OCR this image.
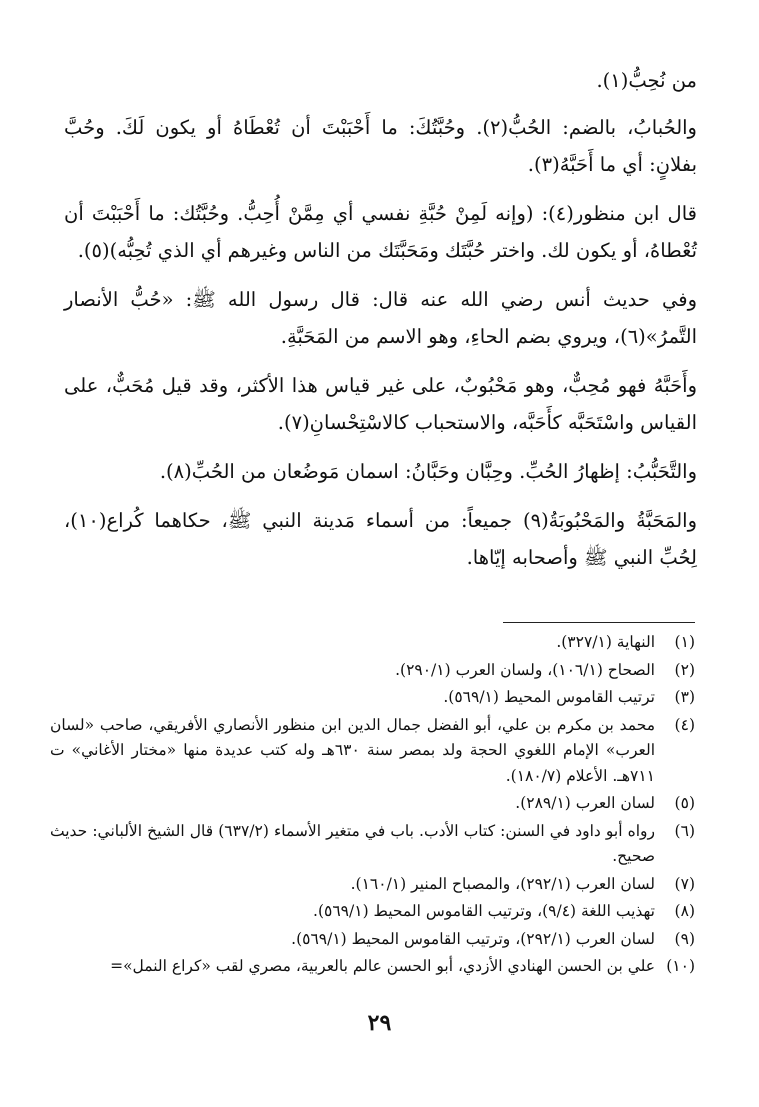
من نُحِبُّ(١).

والحُبابُ، بالضم: الحُبُّ(٢). وحُبَّتُكَ: ما أَحْبَبْتَ أن تُعْطَاهُ أو يكون لَكَ. وحُبَّ بفلانٍ: أي ما أَحَبَّهُ(٣).

قال ابن منظور(٤): (وإنه لَمِنْ حُبَّةِ نفسي أي مِمَّنْ أُحِبُّ. وحُبَّتُك: ما أَحْبَبْتَ أن تُعْطاهُ، أو يكون لك. واختر حُبَّتَك ومَحَبَّتَك من الناس وغيرهم أي الذي تُحِبُّه)(٥).

وفي حديث أنس رضي الله عنه قال: قال رسول الله ﷺ: «حُبُّ الأنصار التَّمرُ»(٦)، ويروي بضم الحاءِ، وهو الاسم من المَحَبَّةِ.

وأَحَبَّهُ فهو مُحِبٌّ، وهو مَحْبُوبٌ، على غير قياس هذا الأكثر، وقد قيل مُحَبٌّ، على القياس واسْتَحَبَّه كأَحَبَّه، والاستحباب كالاسْتِحْسانِ(٧).

والتَّحَبُّبُ: إظهارُ الحُبِّ. وحِبَّان وحَبَّانُ: اسمان مَوضُعان من الحُبِّ(٨).

والمَحَبَّةُ والمَحْبُوبَةُ(٩) جميعاً: من أسماء مَدينة النبي ﷺ، حكاهما كُراع(١٠)، لِحُبِّ النبي ﷺ وأصحابه إيّاها.

(١)
النهاية (٣٢٧/١).
(٢)
الصحاح (١٠٦/١)، ولسان العرب (٢٩٠/١).
(٣)
ترتيب القاموس المحيط (٥٦٩/١).
(٤)
محمد بن مكرم بن علي، أبو الفضل جمال الدين ابن منظور الأنصاري الأفريقي، صاحب «لسان العرب» الإمام اللغوي الحجة ولد بمصر سنة ٦٣٠هـ وله كتب عديدة منها «مختار الأغاني» ت ٧١١هـ. الأعلام (١٨٠/٧).
(٥)
لسان العرب (٢٨٩/١).
(٦)
رواه أبو داود في السنن: كتاب الأدب. باب في متغير الأسماء (٦٣٧/٢) قال الشيخ الألباني: حديث صحيح.
(٧)
لسان العرب (٢٩٢/١)، والمصباح المنير (١٦٠/١).
(٨)
تهذيب اللغة (٩/٤)، وترتيب القاموس المحيط (٥٦٩/١).
(٩)
لسان العرب (٢٩٢/١)، وترتيب القاموس المحيط (٥٦٩/١).
(١٠)
علي بن الحسن الهنادي الأزدي، أبو الحسن عالم بالعربية، مصري لقب «كراع النمل»=
٢٩
